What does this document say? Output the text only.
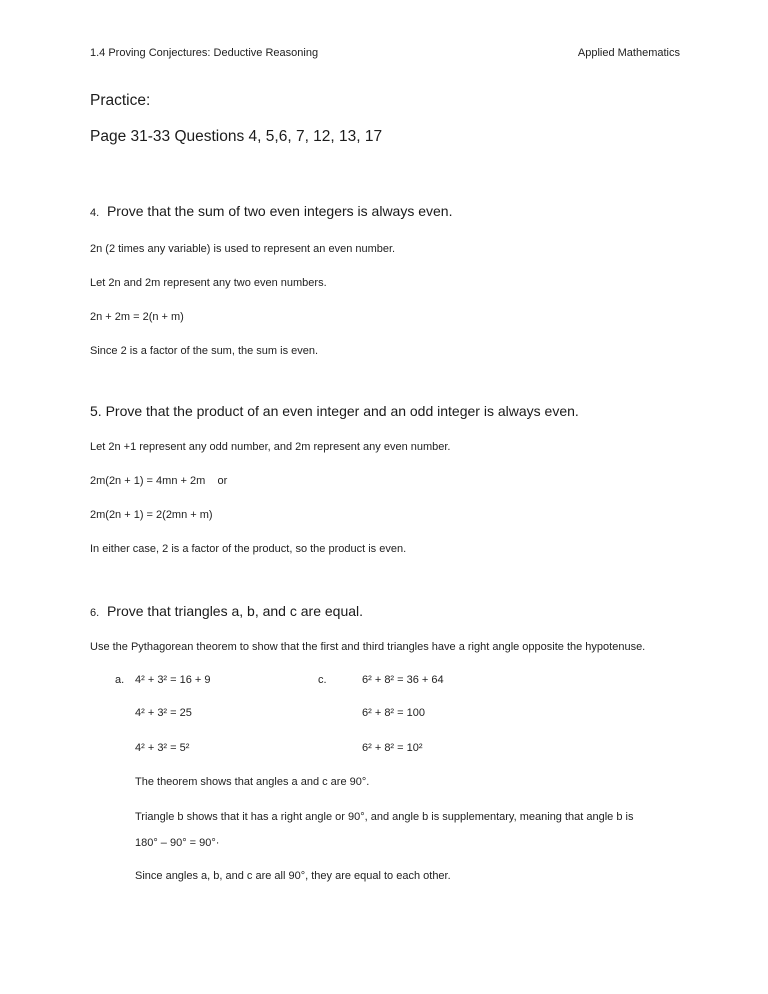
1.4 Proving Conjectures: Deductive Reasoning	Applied Mathematics
Practice:
Page 31-33 Questions 4, 5,6, 7, 12, 13, 17
4. Prove that the sum of two even integers is always even.
2n (2 times any variable) is used to represent an even number.
Let 2n and 2m represent any two even numbers.
2n + 2m = 2(n + m)
Since 2 is a factor of the sum, the sum is even.
5. Prove that the product of an even integer and an odd integer is always even.
Let 2n +1 represent any odd number, and 2m represent any even number.
2m(2n + 1) = 4mn + 2m    or
2m(2n + 1) = 2(2mn + m)
In either case, 2 is a factor of the product, so the product is even.
6. Prove that triangles a, b, and c are equal.
Use the Pythagorean theorem to show that the first and third triangles have a right angle opposite the hypotenuse.
a. 4² + 3² = 16 + 9	c.	6² + 8² = 36 + 64
4² + 3² = 25	6² + 8² = 100
4² + 3² = 5²	6² + 8² = 10²
The theorem shows that angles a and c are 90°.
Triangle b shows that it has a right angle or 90°, and angle b is supplementary, meaning that angle b is 180° – 90° = 90°·
Since angles a, b, and c are all 90°, they are equal to each other.
